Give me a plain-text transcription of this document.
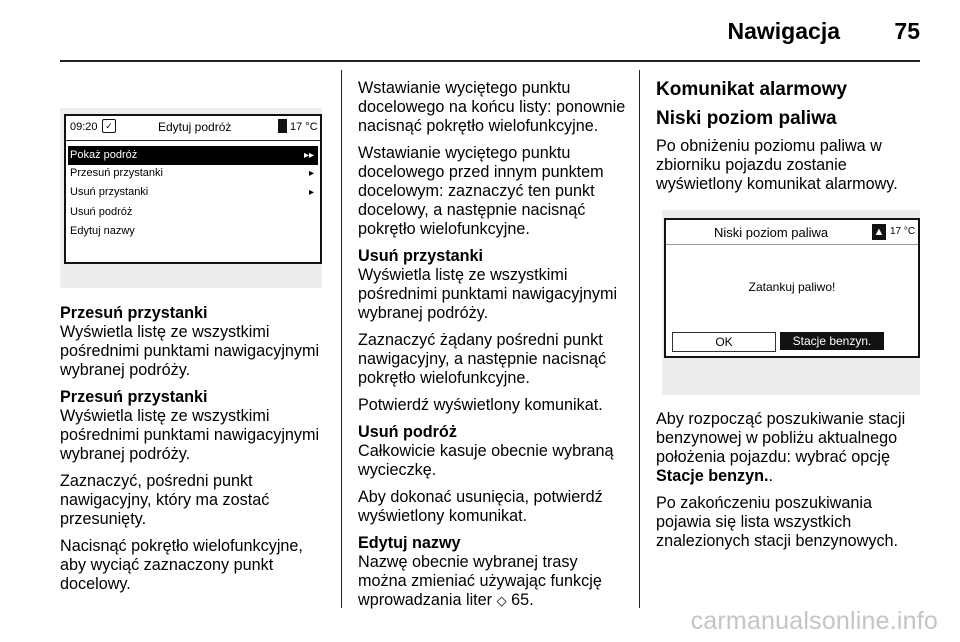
Nawigacja 75
09:20 ✓	Edytuj podróż	17 °C
Pokaż podróż	▸▸
Przesuń przystanki	▸
Usuń przystanki	▸
Usuń podróż
Edytuj nazwy

Przesuń przystanki

Wyświetla listę ze wszystkimi pośrednimi punktami nawigacyjnymi wybranej podróży.

Przesuń przystanki

Wyświetla listę ze wszystkimi pośrednimi punktami nawigacyjnymi wybranej podróży.

Zaznaczyć, pośredni punkt nawigacyjny, który ma zostać przesunięty.

Nacisnąć pokrętło wielofunkcyjne, aby wyciąć zaznaczony punkt docelowy.

Wstawianie wyciętego punktu docelowego na końcu listy: ponownie nacisnąć pokrętło wielofunkcyjne.

Wstawianie wyciętego punktu docelowego przed innym punktem docelowym: zaznaczyć ten punkt docelowy, a następnie nacisnąć pokrętło wielofunkcyjne.

Usuń przystanki

Wyświetla listę ze wszystkimi pośrednimi punktami nawigacyjnymi wybranej podróży.

Zaznaczyć żądany pośredni punkt nawigacyjny, a następnie nacisnąć pokrętło wielofunkcyjne.

Potwierdź wyświetlony komunikat.

Usuń podróż

Całkowicie kasuje obecnie wybraną wycieczkę.

Aby dokonać usunięcia, potwierdź wyświetlony komunikat.

Edytuj nazwy

Nazwę obecnie wybranej trasy można zmieniać używając funkcję wprowadzania liter ◇ 65.

Komunikat alarmowy

Niski poziom paliwa

Po obniżeniu poziomu paliwa w zbiorniku pojazdu zostanie wyświetlony komunikat alarmowy.

Niski poziom paliwa	▲ 17 °C
Zatankuj paliwo!
OK	Stacje benzyn.

Aby rozpocząć poszukiwanie stacji benzynowej w pobliżu aktualnego położenia pojazdu: wybrać opcję Stacje benzyn..

Po zakończeniu poszukiwania pojawia się lista wszystkich znalezionych stacji benzynowych.

carmanualsonline.info
